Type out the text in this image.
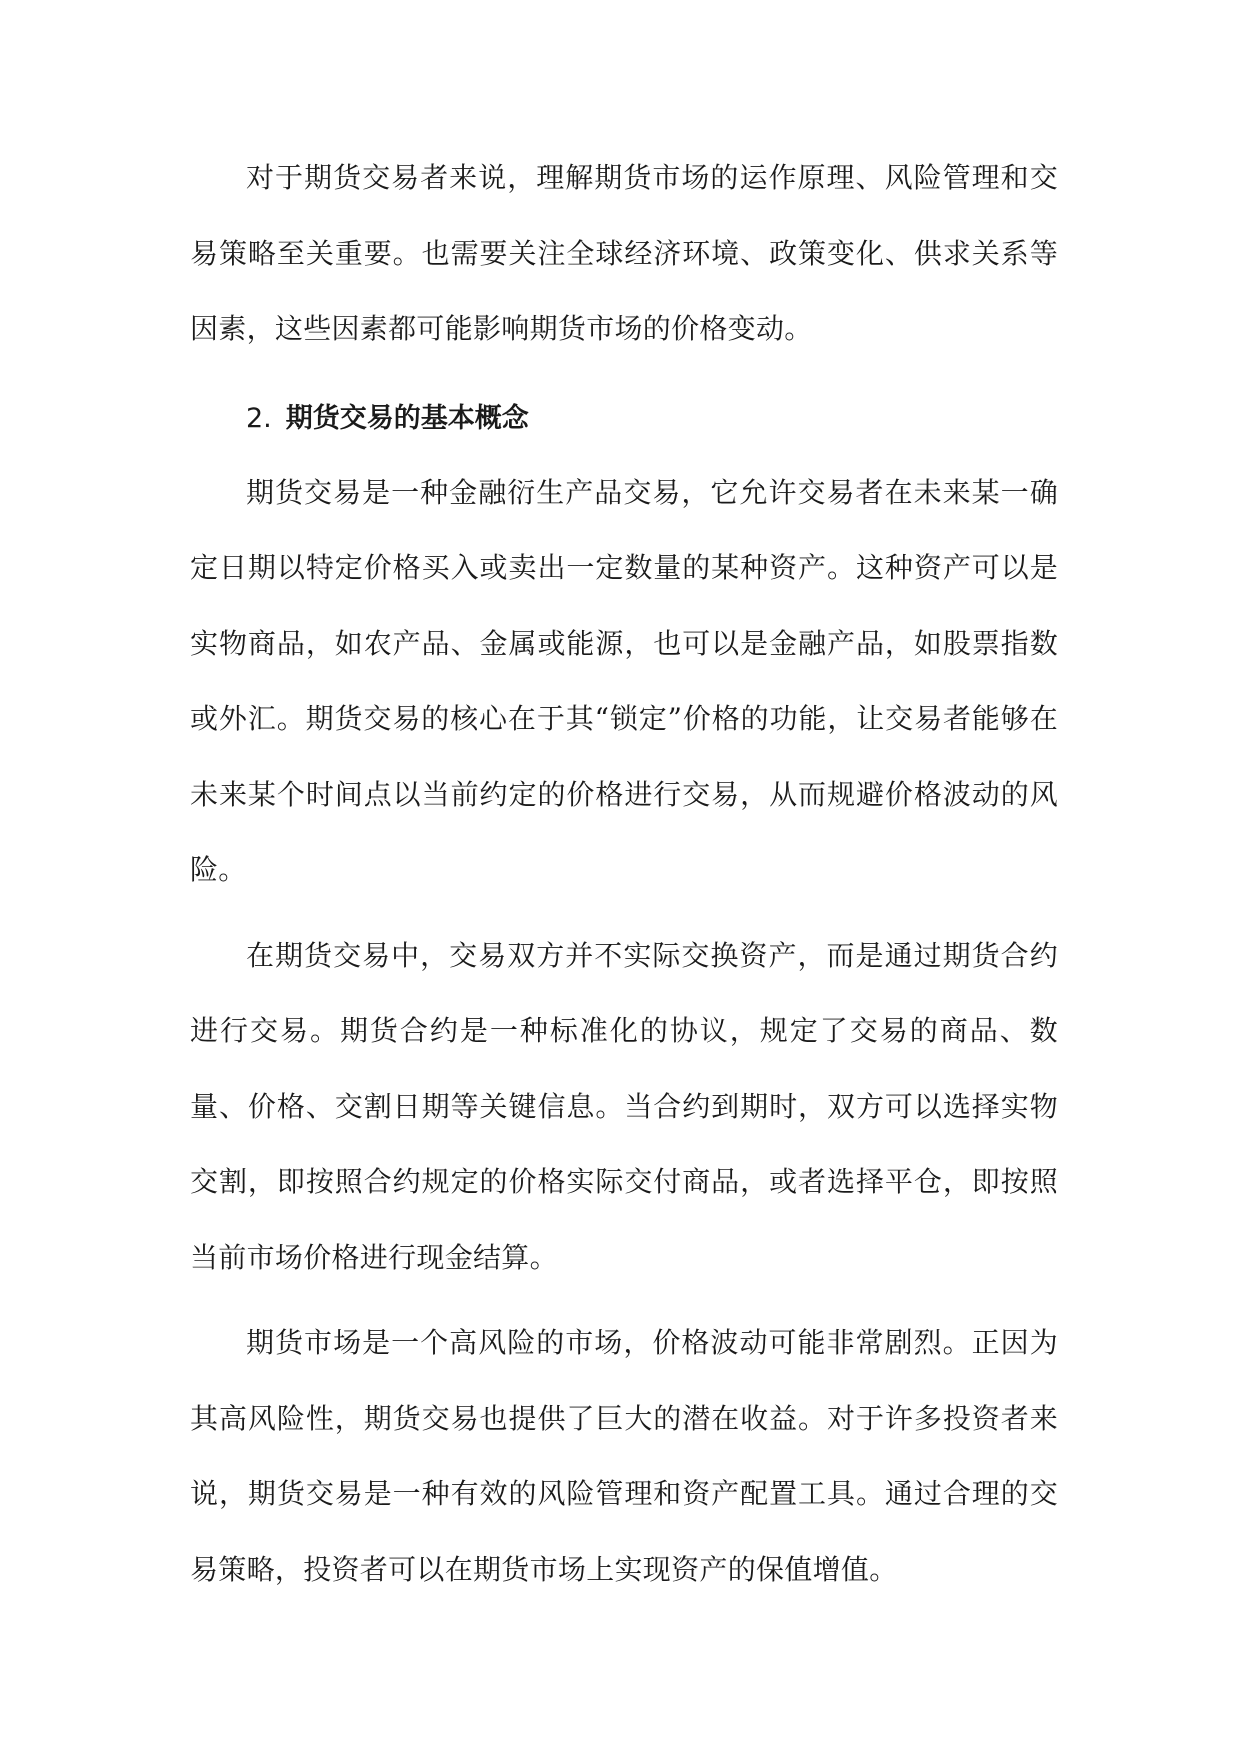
对于期货交易者来说，理解期货市场的运作原理、风险管理和交易策略至关重要。也需要关注全球经济环境、政策变化、供求关系等因素，这些因素都可能影响期货市场的价格变动。

2. 期货交易的基本概念

期货交易是一种金融衍生产品交易，它允许交易者在未来某一确定日期以特定价格买入或卖出一定数量的某种资产。这种资产可以是实物商品，如农产品、金属或能源，也可以是金融产品，如股票指数或外汇。期货交易的核心在于其“锁定”价格的功能，让交易者能够在未来某个时间点以当前约定的价格进行交易，从而规避价格波动的风险。

在期货交易中，交易双方并不实际交换资产，而是通过期货合约进行交易。期货合约是一种标准化的协议，规定了交易的商品、数量、价格、交割日期等关键信息。当合约到期时，双方可以选择实物交割，即按照合约规定的价格实际交付商品，或者选择平仓，即按照当前市场价格进行现金结算。

期货市场是一个高风险的市场，价格波动可能非常剧烈。正因为其高风险性，期货交易也提供了巨大的潜在收益。对于许多投资者来说，期货交易是一种有效的风险管理和资产配置工具。通过合理的交易策略，投资者可以在期货市场上实现资产的保值增值。
